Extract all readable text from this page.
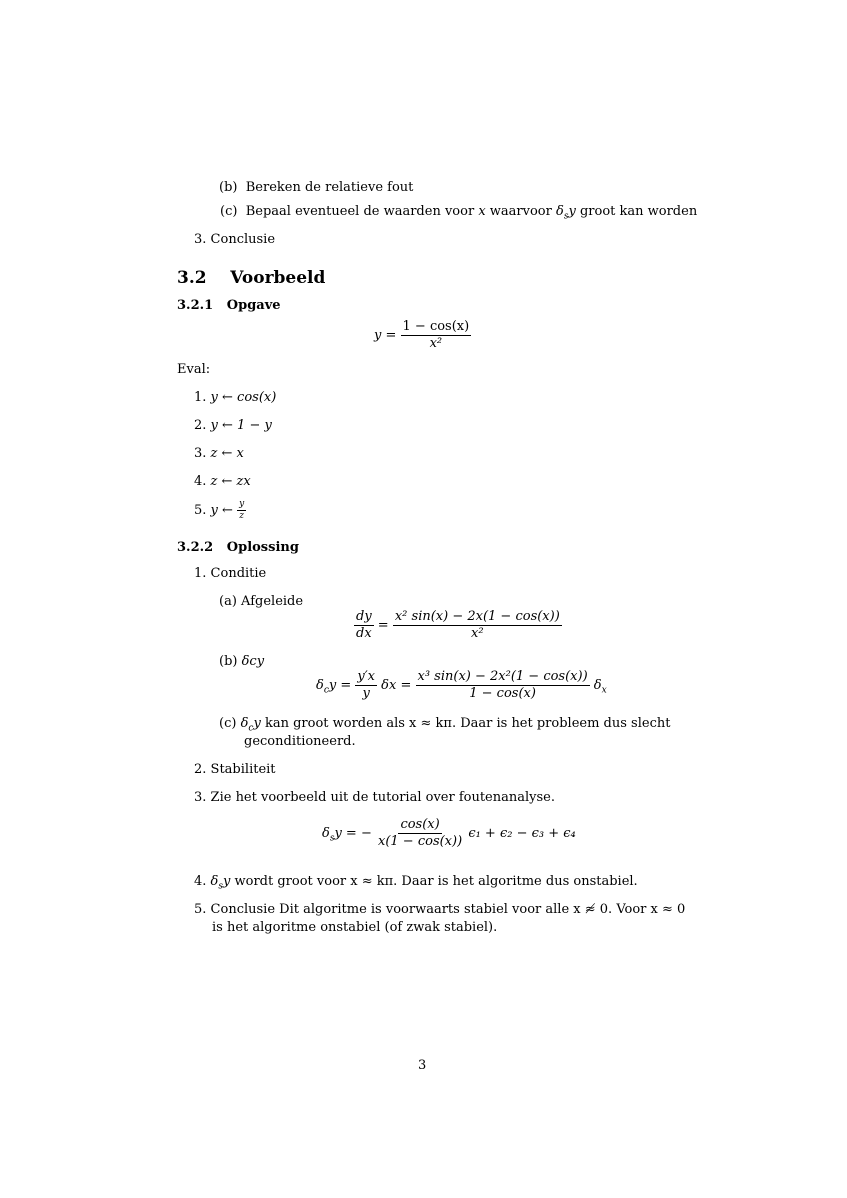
(b) Bereken de relatieve fout
(c) Bepaal eventueel de waarden voor x waarvoor $\delta_sy$ groot kan worden
3. Conclusie
3.2 Voorbeeld
3.2.1 Opgave
$y = \frac{1 - \cos(x)}{\text{x²}}$
Eval:
1. y ← cos(x)
2. y ← 1 − y
3. z ← x
4. z ← zx
5. y ← $\frac{y}{z}$
3.2.2 Oplossing
1. Conditie
(a) Afgeleide
$\frac{dy}{dx} = \frac{\text{x² sin(x) − 2x(1 − cos(x))}}{\text{x²}}$
(b) δcy
$\delta_cy = \frac{y'x}{y}$ $\delta x = \frac{\text{x³ sin(x) − 2x²(1 − cos(x))}}{1 - \cos(x)} \delta_x$
(c) $\delta_cy$ kan groot worden als x ≈ kπ. Daar is het probleem dus slecht
geconditioneerd.
2. Stabiliteit
3. Zie het voorbeeld uit de tutorial over foutenanalyse.
$\delta_sy$ = − $\frac{\cos(x)}{x(1 - \cos(x))} \epsilon_1 + \epsilon_2 - \epsilon_3 + \epsilon_4$
4. $\delta_sy$ wordt groot voor x ≈ kπ. Daar is het algoritme dus onstabiel.
5. Conclusie Dit algoritme is voorwaarts stabiel voor alle x ≉ 0. Voor x ≈ 0
is het algoritme onstabiel (of zwak stabiel).
3
